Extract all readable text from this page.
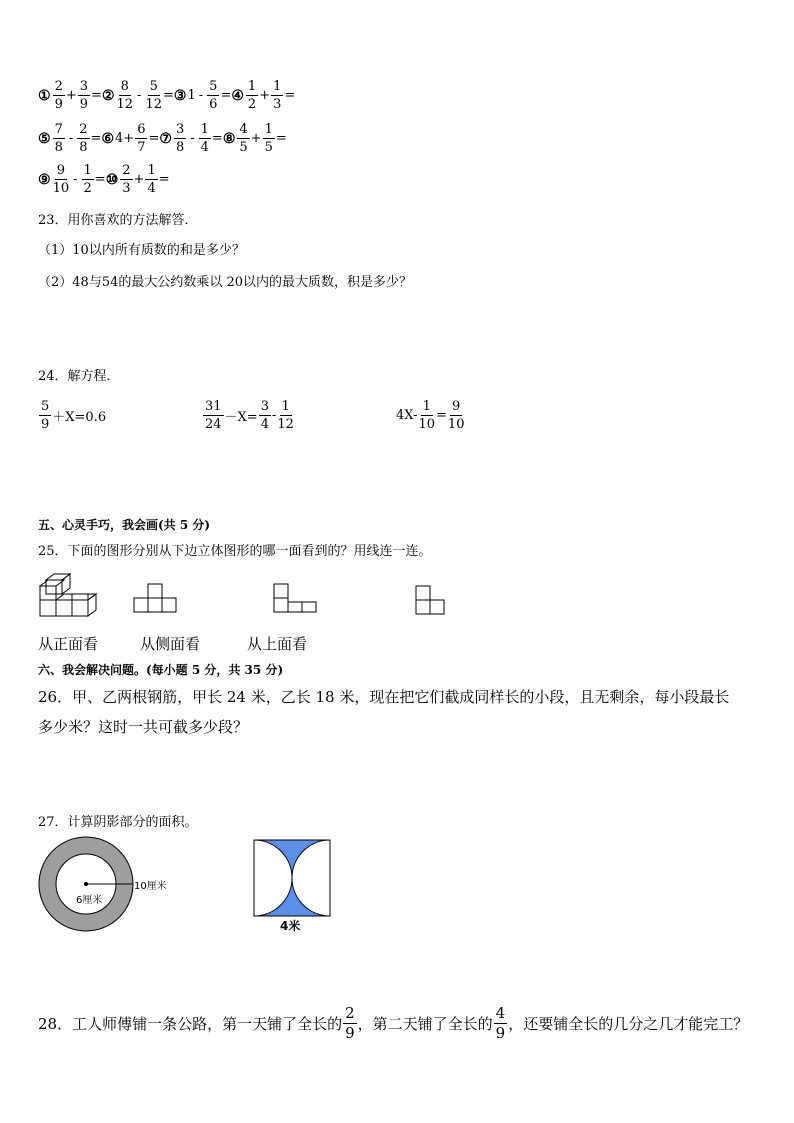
① $\frac{2}{9} + \frac{3}{9}$ = ② $\frac{8}{12} - \frac{5}{12}$ = ③ $1 - \frac{5}{6}$ = ④ $\frac{1}{2} + \frac{1}{3}$ =
⑤ $\frac{7}{8} - \frac{2}{8}$ = ⑥ $4 + \frac{6}{7}$ = ⑦ $\frac{3}{8} - \frac{1}{4}$ = ⑧ $\frac{4}{5} + \frac{1}{5}$ =
⑨ $\frac{9}{10} - \frac{1}{2}$ = ⑩ $\frac{2}{3} + \frac{1}{4}$ =
23．用你喜欢的方法解答．
（1）10以内所有质数的和是多少？
（2）48与54的最大公约数乘以 20以内的最大质数，积是多少？
24．解方程．
$\frac{5}{9} +X=0.6$	$\frac{31}{24} -X= \frac{3}{4} - \frac{1}{12}$	$4X- \frac{1}{10} = \frac{9}{10}$
五、心灵手巧，我会画(共 5 分)
25．下面的图形分别从下边立体图形的哪一面看到的？用线连一连。
从正面看	从侧面看	从上面看
六、我会解决问题。(每小题 5 分，共 35 分)
26．甲、乙两根钢筋，甲长 24 米，乙长 18 米，现在把它们截成同样长的小段，且无剩余，每小段最长
多少米？这时一共可截多少段？
27．计算阴影部分的面积。
10厘米
6厘米
4米
28．工人师傅铺一条公路，第一天铺了全长的 $\frac{2}{9}$ ，第二天铺了全长的 $\frac{4}{9}$ ，还要铺全长的几分之几才能完工？
